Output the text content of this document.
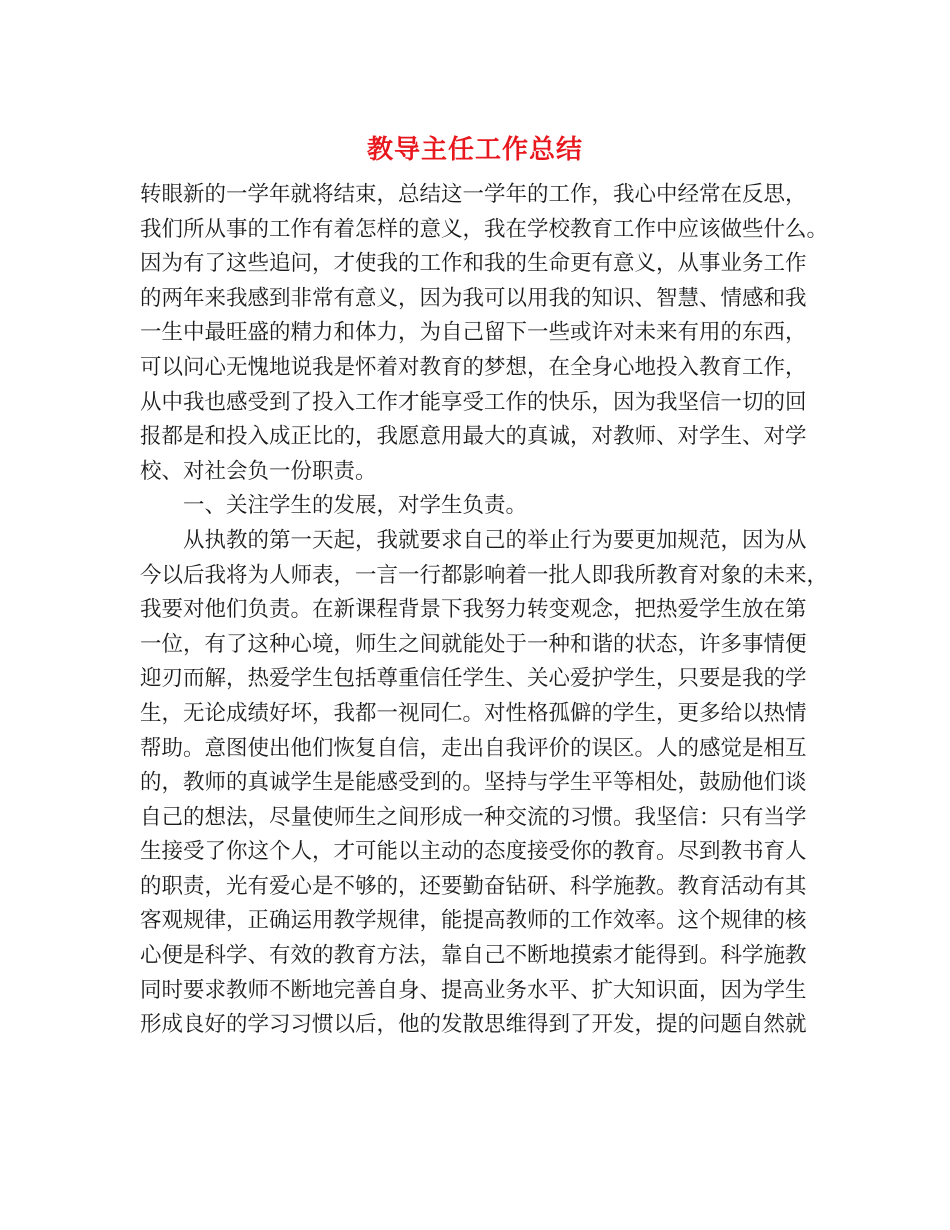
教导主任工作总结

转眼新的一学年就将结束，总结这一学年的工作，我心中经常在反思，

我们所从事的工作有着怎样的意义，我在学校教育工作中应该做些什么。

因为有了这些追问，才使我的工作和我的生命更有意义，从事业务工作

的两年来我感到非常有意义，因为我可以用我的知识、智慧、情感和我

一生中最旺盛的精力和体力，为自己留下一些或许对未来有用的东西，

可以问心无愧地说我是怀着对教育的梦想，在全身心地投入教育工作，

从中我也感受到了投入工作才能享受工作的快乐，因为我坚信一切的回

报都是和投入成正比的，我愿意用最大的真诚，对教师、对学生、对学

校、对社会负一份职责。

一、关注学生的发展，对学生负责。

从执教的第一天起，我就要求自己的举止行为要更加规范，因为从

今以后我将为人师表，一言一行都影响着一批人即我所教育对象的未来，

我要对他们负责。在新课程背景下我努力转变观念，把热爱学生放在第

一位，有了这种心境，师生之间就能处于一种和谐的状态，许多事情便

迎刃而解，热爱学生包括尊重信任学生、关心爱护学生，只要是我的学

生，无论成绩好坏，我都一视同仁。对性格孤僻的学生，更多给以热情

帮助。意图使出他们恢复自信，走出自我评价的误区。人的感觉是相互

的，教师的真诚学生是能感受到的。坚持与学生平等相处，鼓励他们谈

自己的想法，尽量使师生之间形成一种交流的习惯。我坚信：只有当学

生接受了你这个人，才可能以主动的态度接受你的教育。尽到教书育人

的职责，光有爱心是不够的，还要勤奋钻研、科学施教。教育活动有其

客观规律，正确运用教学规律，能提高教师的工作效率。这个规律的核

心便是科学、有效的教育方法，靠自己不断地摸索才能得到。科学施教

同时要求教师不断地完善自身、提高业务水平、扩大知识面，因为学生

形成良好的学习习惯以后，他的发散思维得到了开发，提的问题自然就
